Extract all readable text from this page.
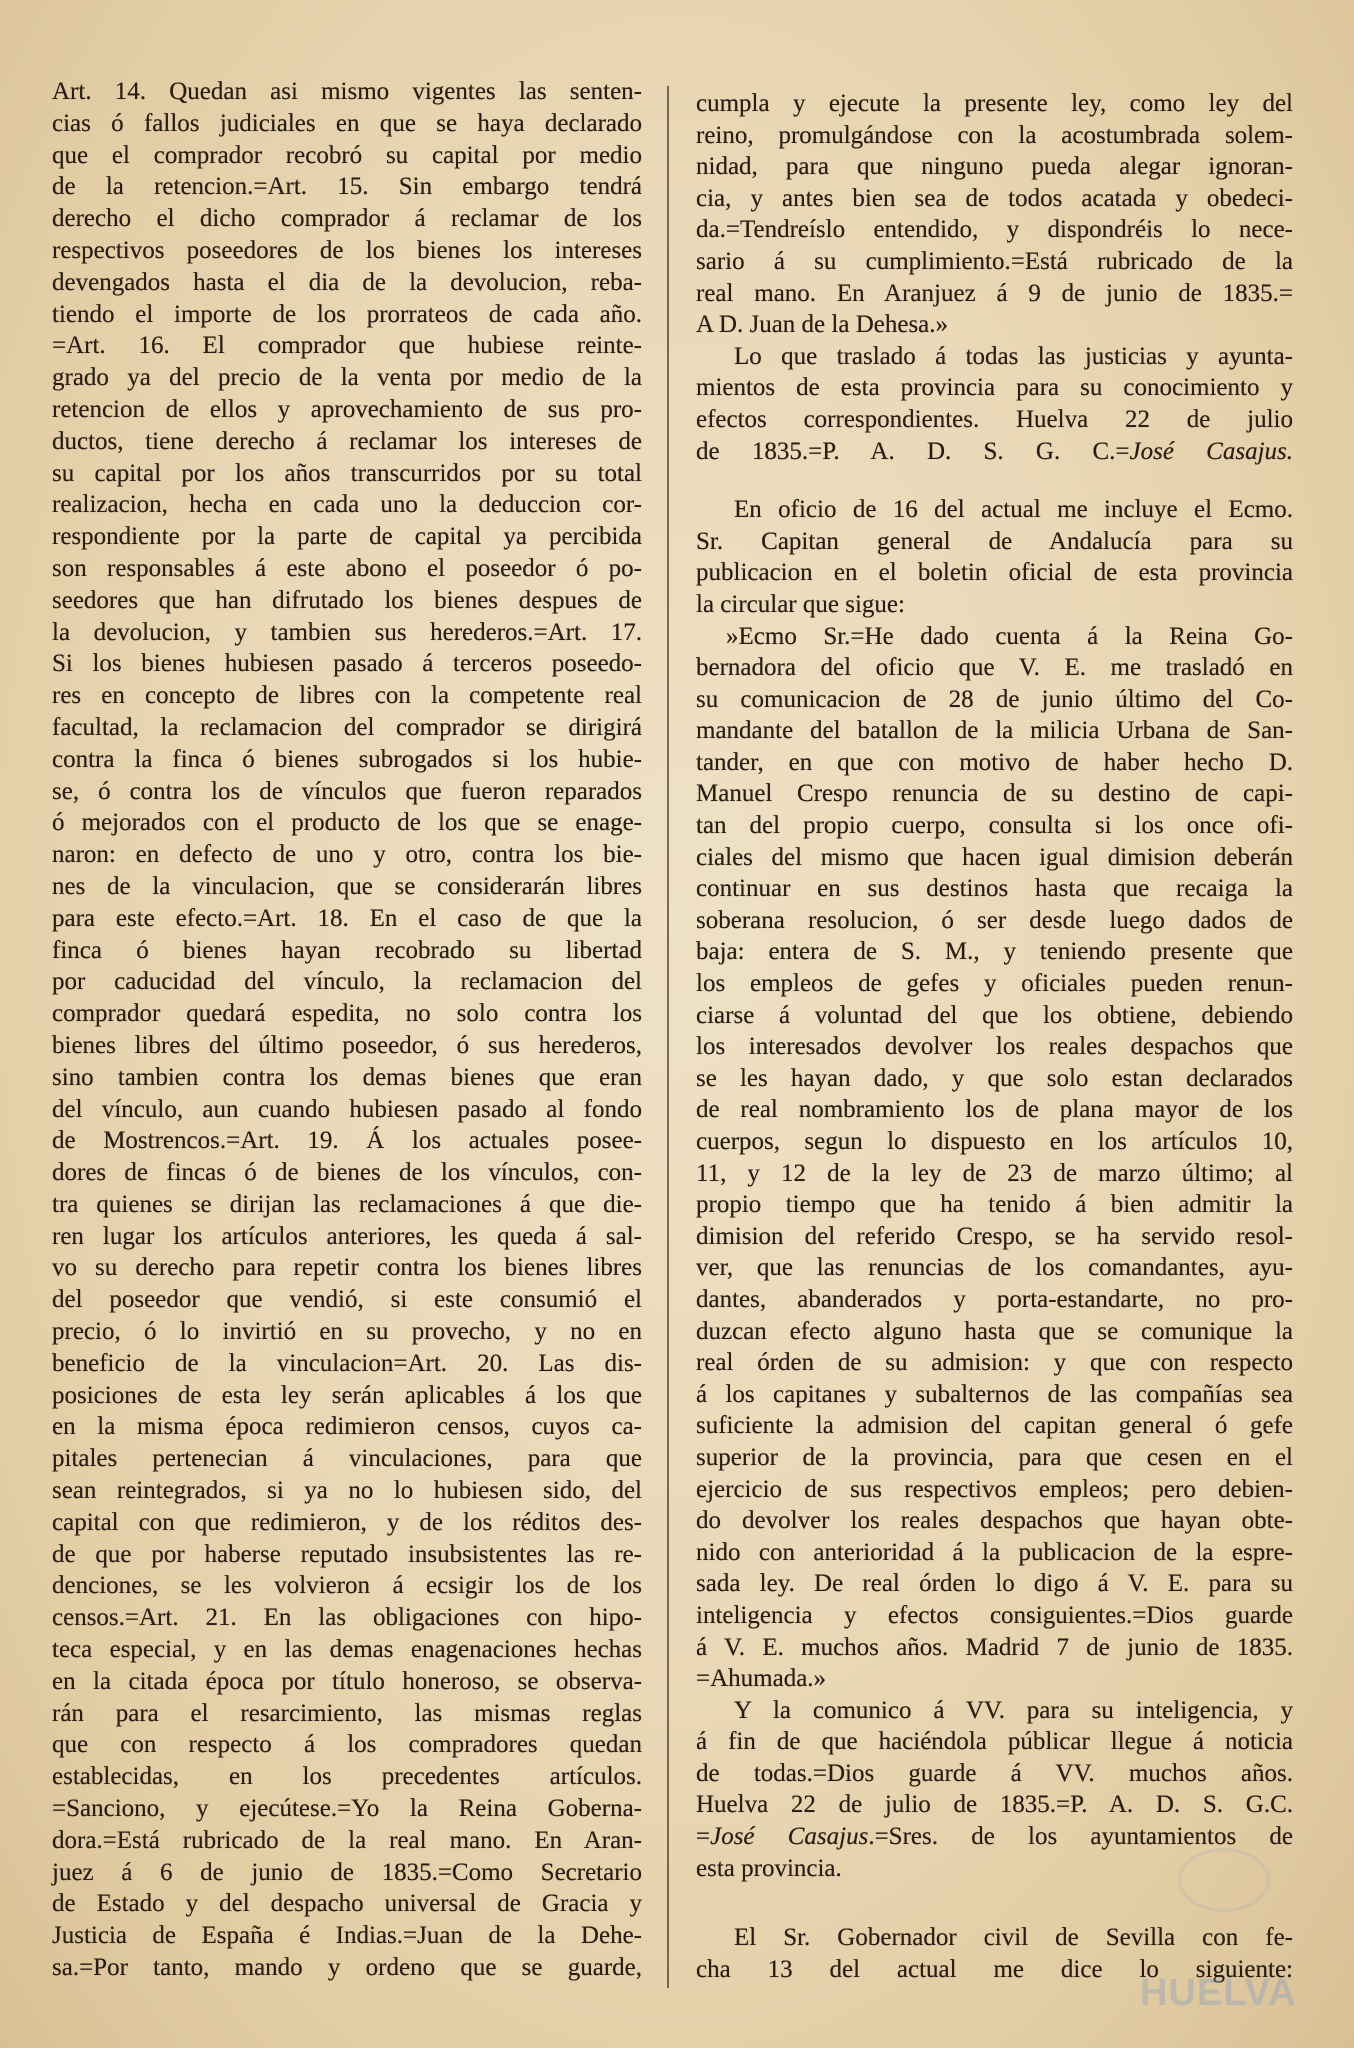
Art. 14. Quedan asi mismo vigentes las senten-
cias ó fallos judiciales en que se haya declarado
que el comprador recobró su capital por medio
de la retencion.=Art. 15. Sin embargo tendrá
derecho el dicho comprador á reclamar de los
respectivos poseedores de los bienes los intereses
devengados hasta el dia de la devolucion, reba-
tiendo el importe de los prorrateos de cada año.
=Art. 16. El comprador que hubiese reinte-
grado ya del precio de la venta por medio de la
retencion de ellos y aprovechamiento de sus pro-
ductos, tiene derecho á reclamar los intereses de
su capital por los años transcurridos por su total
realizacion, hecha en cada uno la deduccion cor-
respondiente por la parte de capital ya percibida
son responsables á este abono el poseedor ó po-
seedores que han difrutado los bienes despues de
la devolucion, y tambien sus herederos.=Art. 17.
Si los bienes hubiesen pasado á terceros poseedo-
res en concepto de libres con la competente real
facultad, la reclamacion del comprador se dirigirá
contra la finca ó bienes subrogados si los hubie-
se, ó contra los de vínculos que fueron reparados
ó mejorados con el producto de los que se enage-
naron: en defecto de uno y otro, contra los bie-
nes de la vinculacion, que se considerarán libres
para este efecto.=Art. 18. En el caso de que la
finca ó bienes hayan recobrado su libertad
por caducidad del vínculo, la reclamacion del
comprador quedará espedita, no solo contra los
bienes libres del último poseedor, ó sus herederos,
sino tambien contra los demas bienes que eran
del vínculo, aun cuando hubiesen pasado al fondo
de Mostrencos.=Art. 19. Á los actuales posee-
dores de fincas ó de bienes de los vínculos, con-
tra quienes se dirijan las reclamaciones á que die-
ren lugar los artículos anteriores, les queda á sal-
vo su derecho para repetir contra los bienes libres
del poseedor que vendió, si este consumió el
precio, ó lo invirtió en su provecho, y no en
beneficio de la vinculacion=Art. 20. Las dis-
posiciones de esta ley serán aplicables á los que
en la misma época redimieron censos, cuyos ca-
pitales pertenecian á vinculaciones, para que
sean reintegrados, si ya no lo hubiesen sido, del
capital con que redimieron, y de los réditos des-
de que por haberse reputado insubsistentes las re-
denciones, se les volvieron á ecsigir los de los
censos.=Art. 21. En las obligaciones con hipo-
teca especial, y en las demas enagenaciones hechas
en la citada época por título honeroso, se observa-
rán para el resarcimiento, las mismas reglas
que con respecto á los compradores quedan
establecidas, en los precedentes artículos.
=Sanciono, y ejecútese.=Yo la Reina Goberna-
dora.=Está rubricado de la real mano. En Aran-
juez á 6 de junio de 1835.=Como Secretario
de Estado y del despacho universal de Gracia y
Justicia de España é Indias.=Juan de la Dehe-
sa.=Por tanto, mando y ordeno que se guarde,
cumpla y ejecute la presente ley, como ley del
reino, promulgándose con la acostumbrada solem-
nidad, para que ninguno pueda alegar ignoran-
cia, y antes bien sea de todos acatada y obedeci-
da.=Tendreíslo entendido, y dispondréis lo nece-
sario á su cumplimiento.=Está rubricado de la
real mano. En Aranjuez á 9 de junio de 1835.=
A D. Juan de la Dehesa.»
Lo que traslado á todas las justicias y ayunta-
mientos de esta provincia para su conocimiento y
efectos correspondientes. Huelva 22 de julio
de 1835.=P. A. D. S. G. C.=José Casajus.
En oficio de 16 del actual me incluye el Ecmo.
Sr. Capitan general de Andalucía para su
publicacion en el boletin oficial de esta provincia
la circular que sigue:
»Ecmo Sr.=He dado cuenta á la Reina Go-
bernadora del oficio que V. E. me trasladó en
su comunicacion de 28 de junio último del Co-
mandante del batallon de la milicia Urbana de San-
tander, en que con motivo de haber hecho D.
Manuel Crespo renuncia de su destino de capi-
tan del propio cuerpo, consulta si los once ofi-
ciales del mismo que hacen igual dimision deberán
continuar en sus destinos hasta que recaiga la
soberana resolucion, ó ser desde luego dados de
baja: entera de S. M., y teniendo presente que
los empleos de gefes y oficiales pueden renun-
ciarse á voluntad del que los obtiene, debiendo
los interesados devolver los reales despachos que
se les hayan dado, y que solo estan declarados
de real nombramiento los de plana mayor de los
cuerpos, segun lo dispuesto en los artículos 10,
11, y 12 de la ley de 23 de marzo último; al
propio tiempo que ha tenido á bien admitir la
dimision del referido Crespo, se ha servido resol-
ver, que las renuncias de los comandantes, ayu-
dantes, abanderados y porta-estandarte, no pro-
duzcan efecto alguno hasta que se comunique la
real órden de su admision: y que con respecto
á los capitanes y subalternos de las compañías sea
suficiente la admision del capitan general ó gefe
superior de la provincia, para que cesen en el
ejercicio de sus respectivos empleos; pero debien-
do devolver los reales despachos que hayan obte-
nido con anterioridad á la publicacion de la espre-
sada ley. De real órden lo digo á V. E. para su
inteligencia y efectos consiguientes.=Dios guarde
á V. E. muchos años. Madrid 7 de junio de 1835.
=Ahumada.»
Y la comunico á VV. para su inteligencia, y
á fin de que haciéndola públicar llegue á noticia
de todas.=Dios guarde á VV. muchos años.
Huelva 22 de julio de 1835.=P. A. D. S. G.C.
=José Casajus.=Sres. de los ayuntamientos de
esta provincia.
El Sr. Gobernador civil de Sevilla con fe-
cha 13 del actual me dice lo siguiente:
HUELVA
